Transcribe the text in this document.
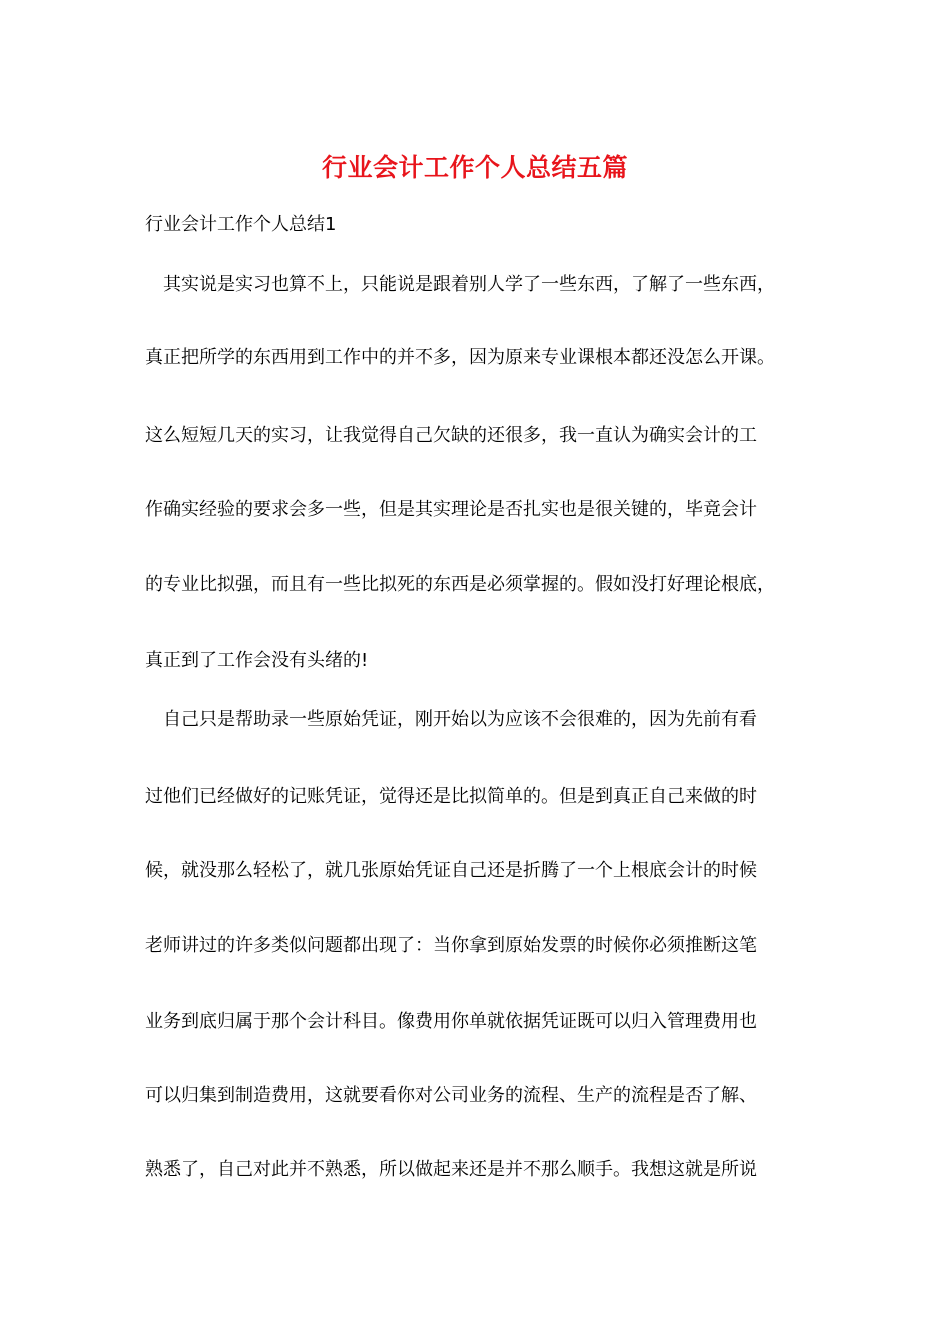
行业会计工作个人总结五篇
行业会计工作个人总结1
　其实说是实习也算不上，只能说是跟着别人学了一些东西，了解了一些东西，
真正把所学的东西用到工作中的并不多，因为原来专业课根本都还没怎么开课。
这么短短几天的实习，让我觉得自己欠缺的还很多，我一直认为确实会计的工
作确实经验的要求会多一些，但是其实理论是否扎实也是很关键的，毕竟会计
的专业比拟强，而且有一些比拟死的东西是必须掌握的。假如没打好理论根底，
真正到了工作会没有头绪的!
　自己只是帮助录一些原始凭证，刚开始以为应该不会很难的，因为先前有看
过他们已经做好的记账凭证，觉得还是比拟简单的。但是到真正自己来做的时
候，就没那么轻松了，就几张原始凭证自己还是折腾了一个上根底会计的时候
老师讲过的许多类似问题都出现了：当你拿到原始发票的时候你必须推断这笔
业务到底归属于那个会计科目。像费用你单就依据凭证既可以归入管理费用也
可以归集到制造费用，这就要看你对公司业务的流程、生产的流程是否了解、
熟悉了，自己对此并不熟悉，所以做起来还是并不那么顺手。我想这就是所说
